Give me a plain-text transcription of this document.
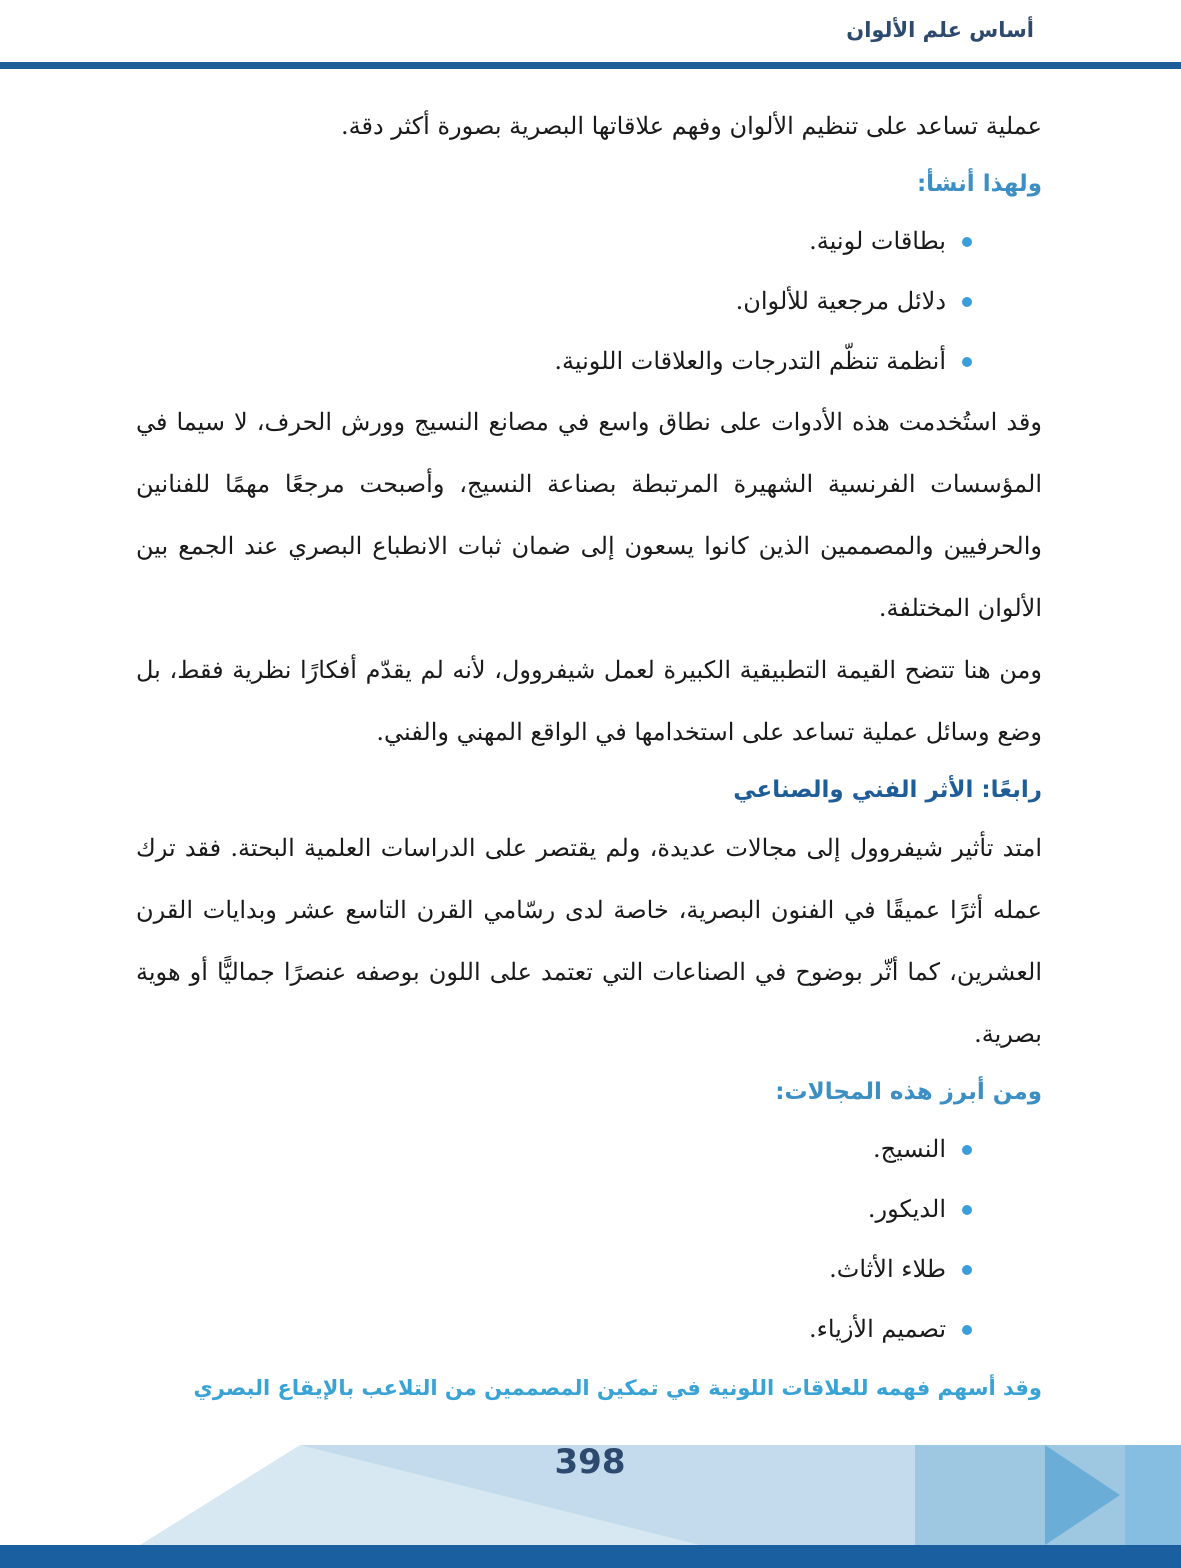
أساس علم الألوان

عملية تساعد على تنظيم الألوان وفهم علاقاتها البصرية بصورة أكثر دقة.

ولهذا أنشأ:

بطاقات لونية.
دلائل مرجعية للألوان.
أنظمة تنظّم التدرجات والعلاقات اللونية.

وقد استُخدمت هذه الأدوات على نطاق واسع في مصانع النسيج وورش الحرف، لا سيما في المؤسسات الفرنسية الشهيرة المرتبطة بصناعة النسيج، وأصبحت مرجعًا مهمًا للفنانين والحرفيين والمصممين الذين كانوا يسعون إلى ضمان ثبات الانطباع البصري عند الجمع بين الألوان المختلفة.

ومن هنا تتضح القيمة التطبيقية الكبيرة لعمل شيفروول، لأنه لم يقدّم أفكارًا نظرية فقط، بل وضع وسائل عملية تساعد على استخدامها في الواقع المهني والفني.

رابعًا: الأثر الفني والصناعي

امتد تأثير شيفروول إلى مجالات عديدة، ولم يقتصر على الدراسات العلمية البحتة. فقد ترك عمله أثرًا عميقًا في الفنون البصرية، خاصة لدى رسّامي القرن التاسع عشر وبدايات القرن العشرين، كما أثّر بوضوح في الصناعات التي تعتمد على اللون بوصفه عنصرًا جماليًّا أو هوية بصرية.

ومن أبرز هذه المجالات:

النسيج.
الديكور.
طلاء الأثاث.
تصميم الأزياء.

وقد أسهم فهمه للعلاقات اللونية في تمكين المصممين من التلاعب بالإيقاع البصري

398
